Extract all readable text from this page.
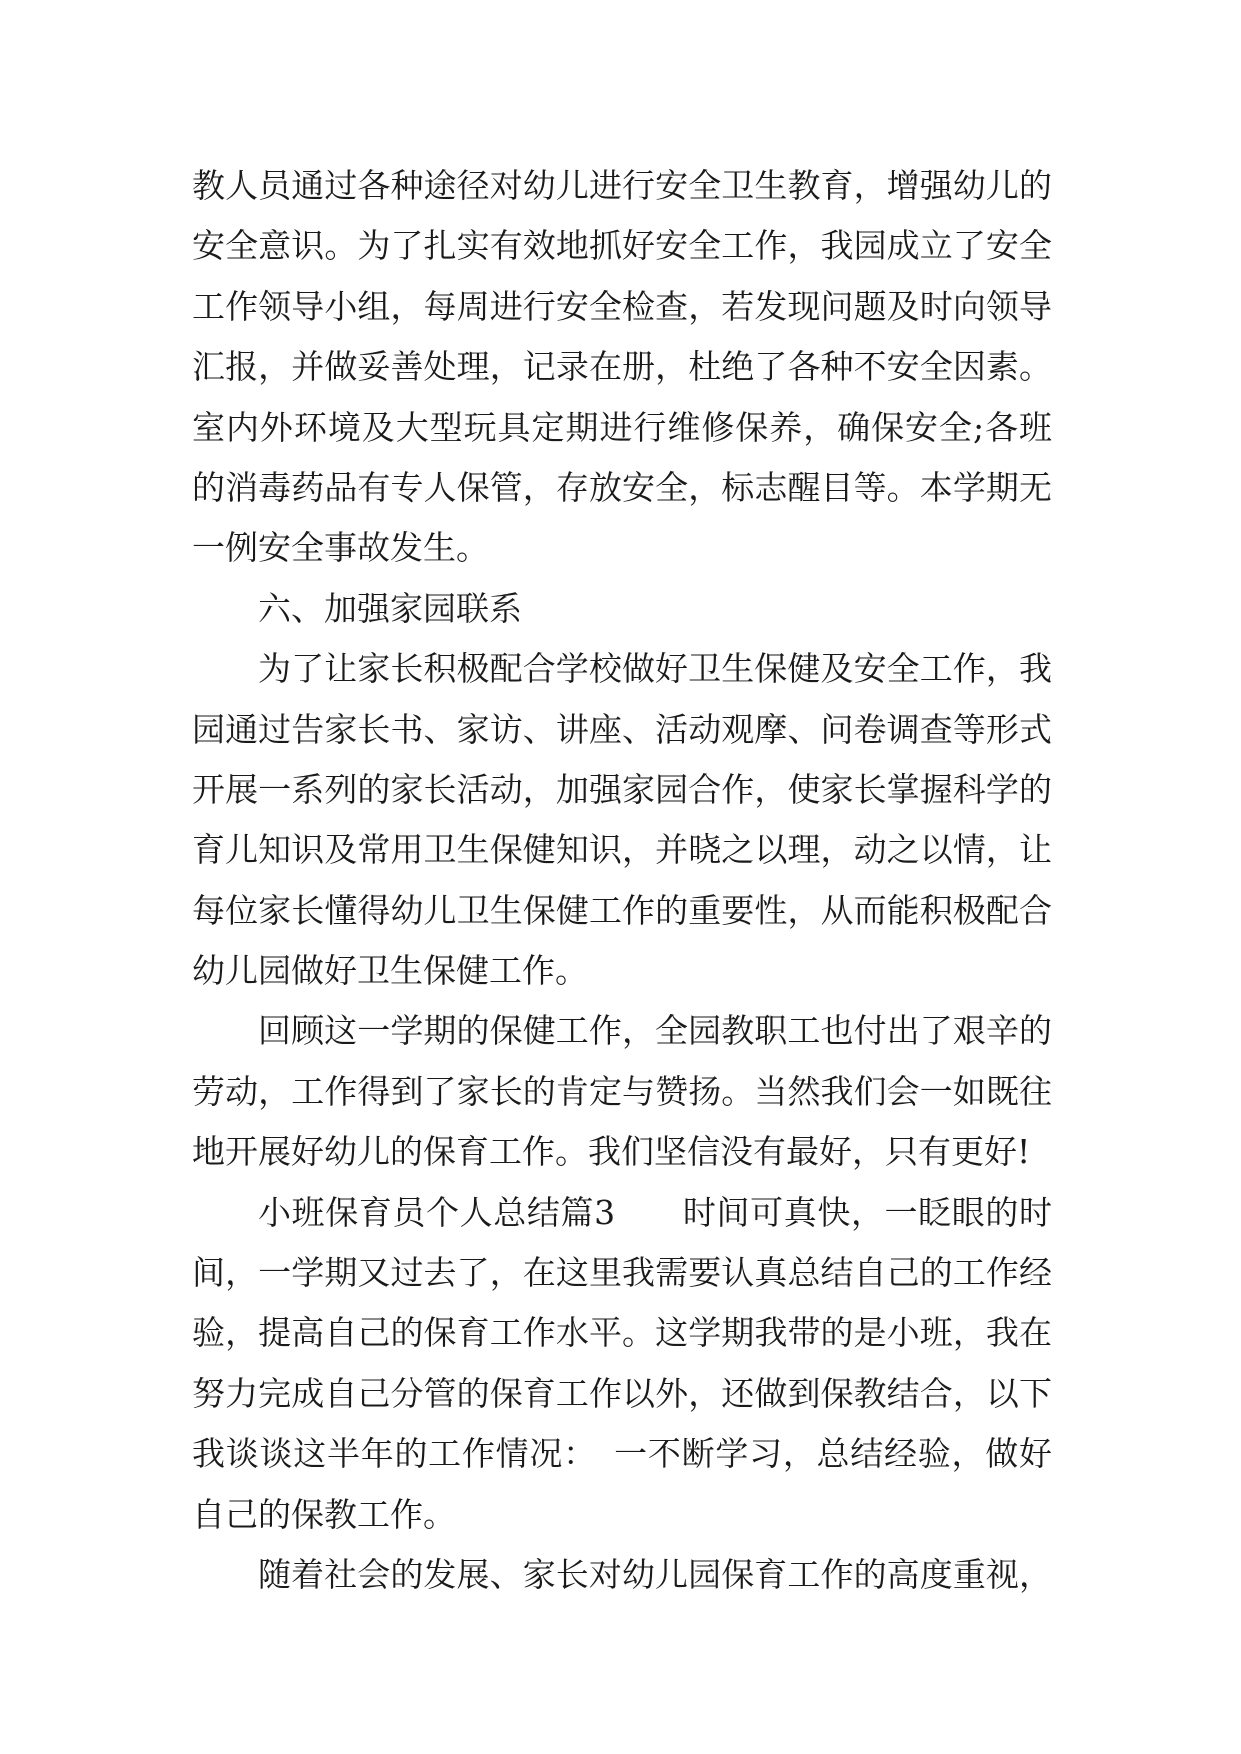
教人员通过各种途径对幼儿进行安全卫生教育，增强幼儿的
安全意识。为了扎实有效地抓好安全工作，我园成立了安全
工作领导小组，每周进行安全检查，若发现问题及时向领导
汇报，并做妥善处理，记录在册，杜绝了各种不安全因素。
室内外环境及大型玩具定期进行维修保养，确保安全;各班
的消毒药品有专人保管，存放安全，标志醒目等。本学期无
一例安全事故发生。
六、加强家园联系
为了让家长积极配合学校做好卫生保健及安全工作，我
园通过告家长书、家访、讲座、活动观摩、问卷调查等形式
开展一系列的家长活动，加强家园合作，使家长掌握科学的
育儿知识及常用卫生保健知识，并晓之以理，动之以情，让
每位家长懂得幼儿卫生保健工作的重要性，从而能积极配合
幼儿园做好卫生保健工作。
回顾这一学期的保健工作，全园教职工也付出了艰辛的
劳动，工作得到了家长的肯定与赞扬。当然我们会一如既往
地开展好幼儿的保育工作。我们坚信没有最好，只有更好!
小班保育员个人总结篇3　　时间可真快，一眨眼的时
间，一学期又过去了，在这里我需要认真总结自己的工作经
验，提高自己的保育工作水平。这学期我带的是小班，我在
努力完成自己分管的保育工作以外，还做到保教结合，以下
我谈谈这半年的工作情况：　一不断学习，总结经验，做好
自己的保教工作。
随着社会的发展、家长对幼儿园保育工作的高度重视，
